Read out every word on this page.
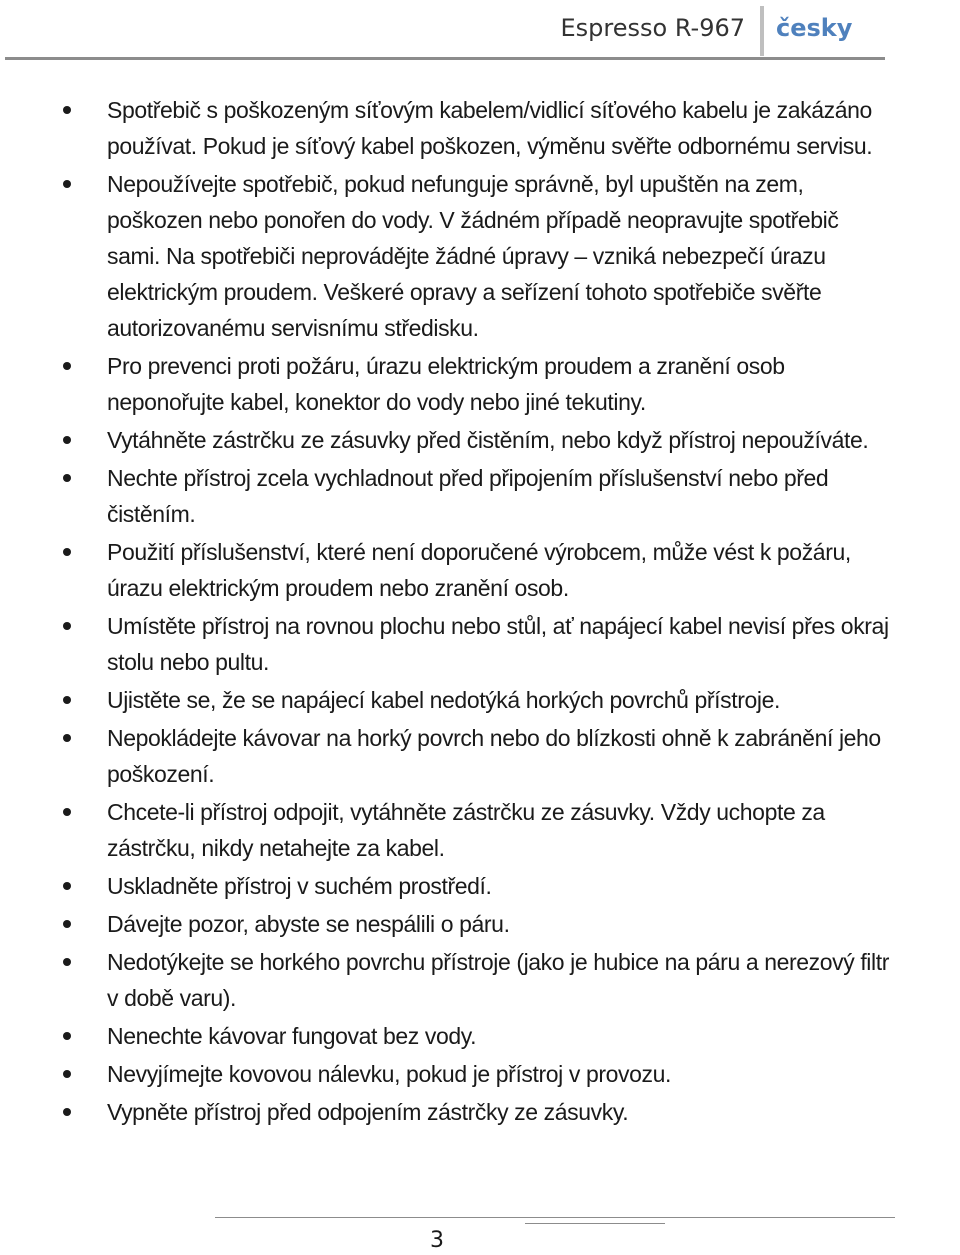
Espresso R-967 česky
Spotřebič s poškozeným síťovým kabelem/vidlicí síťového kabelu je zakázáno používat. Pokud je síťový kabel poškozen, výměnu svěřte odbornému servisu.
Nepoužívejte spotřebič, pokud nefunguje správně, byl upuštěn na zem, poškozen nebo ponořen do vody. V žádném případě neopravujte spotřebič sami. Na spotřebiči neprovádějte žádné úpravy – vzniká nebezpečí úrazu elektrickým proudem. Veškeré opravy a seřízení tohoto spotřebiče svěřte autorizovanému servisnímu středisku.
Pro prevenci proti požáru, úrazu elektrickým proudem a zranění osob neponořujte kabel, konektor do vody nebo jiné tekutiny.
Vytáhněte zástrčku ze zásuvky před čistěním, nebo když přístroj nepoužíváte.
Nechte přístroj zcela vychladnout před připojením příslušenství nebo před čistěním.
Použití příslušenství, které není doporučené výrobcem, může vést k požáru, úrazu elektrickým proudem nebo zranění osob.
Umístěte přístroj na rovnou plochu nebo stůl, ať napájecí kabel nevisí přes okraj stolu nebo pultu.
Ujistěte se, že se napájecí kabel nedotýká horkých povrchů přístroje.
Nepokládejte kávovar na horký povrch nebo do blízkosti ohně k zabránění jeho poškození.
Chcete-li přístroj odpojit, vytáhněte zástrčku ze zásuvky. Vždy uchopte za zástrčku, nikdy netahejte za kabel.
Uskladněte přístroj v suchém prostředí.
Dávejte pozor, abyste se nespálili o páru.
Nedotýkejte se horkého povrchu přístroje (jako je hubice na páru a nerezový filtr v době varu).
Nenechte kávovar fungovat bez vody.
Nevyjímejte kovovou nálevku, pokud je přístroj v provozu.
Vypněte přístroj před odpojením zástrčky ze zásuvky.
3
